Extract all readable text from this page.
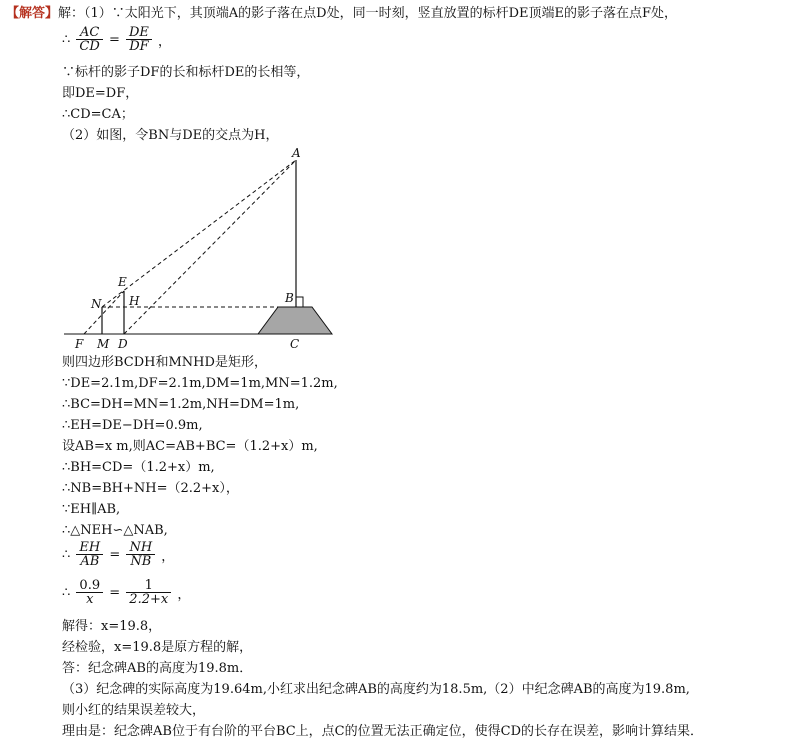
【解答】解：（1）∵太阳光下，其顶端A的影子落在点D处，同一时刻，竖直放置的标杆DE顶端E的影子落在点F处，
∴ $\frac{AC}{CD} = \frac{DE}{DF}$ ，
∵标杆的影子DF的长和标杆DE的长相等，
即DE=DF，
∴CD=CA；
（2）如图，令BN与DE的交点为H，
A
B
C
D
E
F
H
M
N
则四边形BCDH和MNHD是矩形，
∵DE=2.1m,DF=2.1m,DM=1m,MN=1.2m,
∴BC=DH=MN=1.2m,NH=DM=1m,
∴EH=DE−DH=0.9m,
设AB=x m,则AC=AB+BC=（1.2+x）m,
∴BH=CD=（1.2+x）m,
∴NB=BH+NH=（2.2+x），
∵EH∥AB,
∴△NEH∽△NAB,
∴ $\frac{EH}{AB} = \frac{NH}{NB}$ ，
∴ $\frac{0.9}{x} = \frac{1}{2.2+x}$ ，
解得：x=19.8，
经检验，x=19.8是原方程的解，
答：纪念碑AB的高度为19.8m．
（3）纪念碑的实际高度为19.64m,小红求出纪念碑AB的高度约为18.5m,（2）中纪念碑AB的高度为19.8m,
则小红的结果误差较大，
理由是：纪念碑AB位于有台阶的平台BC上，点C的位置无法正确定位，使得CD的长存在误差，影响计算结果．
